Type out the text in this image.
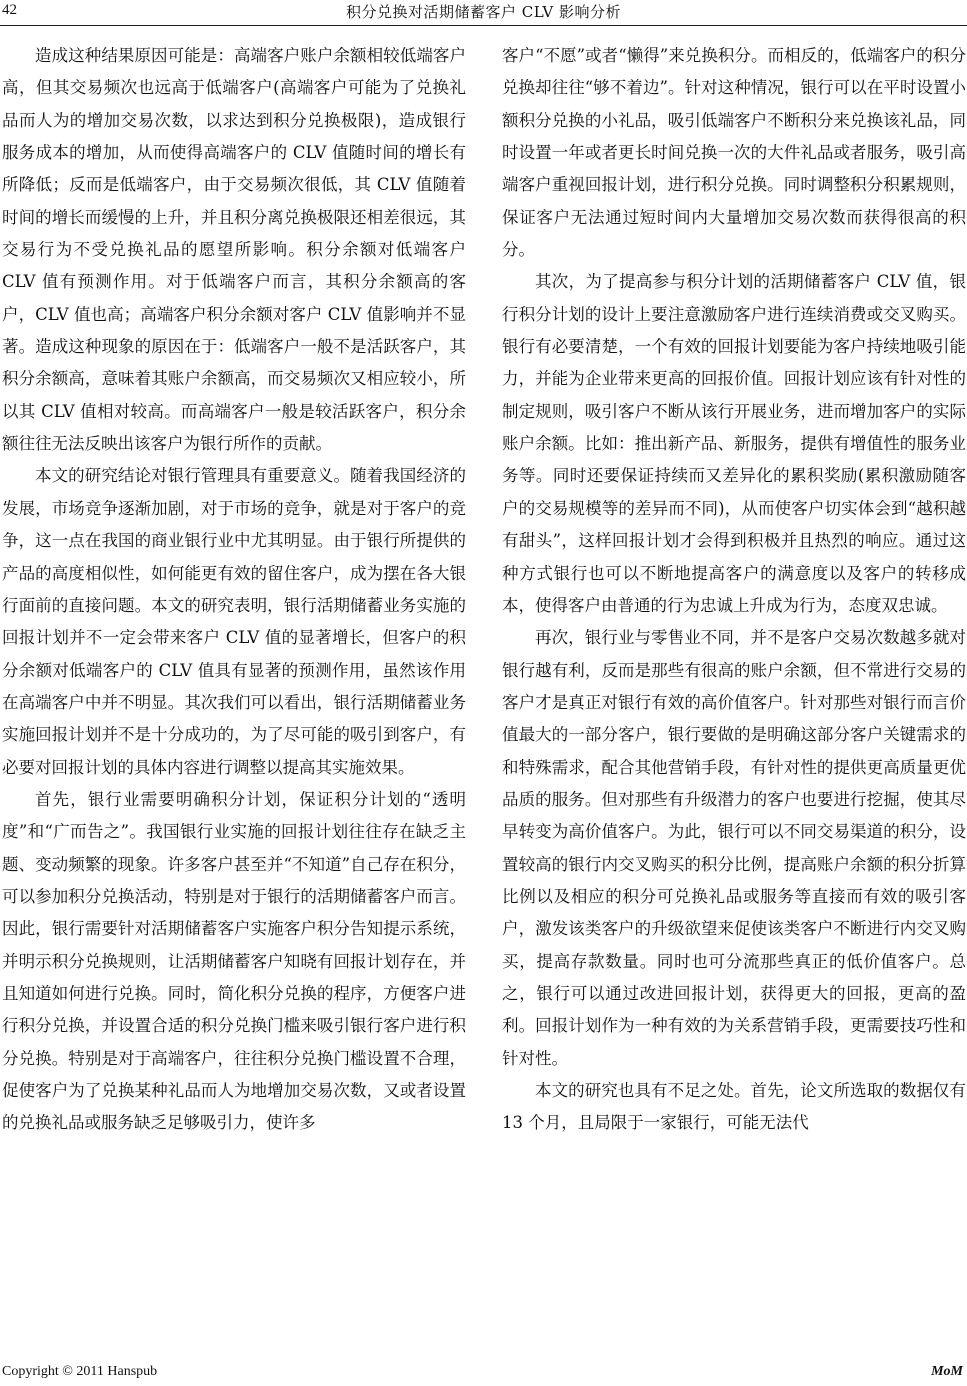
42	积分兑换对活期储蓄客户 CLV 影响分析

造成这种结果原因可能是：高端客户账户余额相较低端客户高，但其交易频次也远高于低端客户(高端客户可能为了兑换礼品而人为的增加交易次数，以求达到积分兑换极限)，造成银行服务成本的增加，从而使得高端客户的 CLV 值随时间的增长有所降低；反而是低端客户，由于交易频次很低，其 CLV 值随着时间的增长而缓慢的上升，并且积分离兑换极限还相差很远，其交易行为不受兑换礼品的愿望所影响。积分余额对低端客户 CLV 值有预测作用。对于低端客户而言，其积分余额高的客户，CLV 值也高；高端客户积分余额对客户 CLV 值影响并不显著。造成这种现象的原因在于：低端客户一般不是活跃客户，其积分余额高，意味着其账户余额高，而交易频次又相应较小，所以其 CLV 值相对较高。而高端客户一般是较活跃客户，积分余额往往无法反映出该客户为银行所作的贡献。

本文的研究结论对银行管理具有重要意义。随着我国经济的发展，市场竞争逐渐加剧，对于市场的竞争，就是对于客户的竞争，这一点在我国的商业银行业中尤其明显。由于银行所提供的产品的高度相似性，如何能更有效的留住客户，成为摆在各大银行面前的直接问题。本文的研究表明，银行活期储蓄业务实施的回报计划并不一定会带来客户 CLV 值的显著增长，但客户的积分余额对低端客户的 CLV 值具有显著的预测作用，虽然该作用在高端客户中并不明显。其次我们可以看出，银行活期储蓄业务实施回报计划并不是十分成功的，为了尽可能的吸引到客户，有必要对回报计划的具体内容进行调整以提高其实施效果。

首先，银行业需要明确积分计划，保证积分计划的“透明度”和“广而告之”。我国银行业实施的回报计划往往存在缺乏主题、变动频繁的现象。许多客户甚至并“不知道”自己存在积分，可以参加积分兑换活动，特别是对于银行的活期储蓄客户而言。因此，银行需要针对活期储蓄客户实施客户积分告知提示系统，并明示积分兑换规则，让活期储蓄客户知晓有回报计划存在，并且知道如何进行兑换。同时，简化积分兑换的程序，方便客户进行积分兑换，并设置合适的积分兑换门槛来吸引银行客户进行积分兑换。特别是对于高端客户，往往积分兑换门槛设置不合理，促使客户为了兑换某种礼品而人为地增加交易次数，又或者设置的兑换礼品或服务缺乏足够吸引力，使许多

客户“不愿”或者“懒得”来兑换积分。而相反的，低端客户的积分兑换却往往“够不着边”。针对这种情况，银行可以在平时设置小额积分兑换的小礼品，吸引低端客户不断积分来兑换该礼品，同时设置一年或者更长时间兑换一次的大件礼品或者服务，吸引高端客户重视回报计划，进行积分兑换。同时调整积分积累规则，保证客户无法通过短时间内大量增加交易次数而获得很高的积分。

其次，为了提高参与积分计划的活期储蓄客户 CLV 值，银行积分计划的设计上要注意激励客户进行连续消费或交叉购买。银行有必要清楚，一个有效的回报计划要能为客户持续地吸引能力，并能为企业带来更高的回报价值。回报计划应该有针对性的制定规则，吸引客户不断从该行开展业务，进而增加客户的实际账户余额。比如：推出新产品、新服务，提供有增值性的服务业务等。同时还要保证持续而又差异化的累积奖励(累积激励随客户的交易规模等的差异而不同)，从而使客户切实体会到“越积越有甜头”，这样回报计划才会得到积极并且热烈的响应。通过这种方式银行也可以不断地提高客户的满意度以及客户的转移成本，使得客户由普通的行为忠诚上升成为行为，态度双忠诚。

再次，银行业与零售业不同，并不是客户交易次数越多就对银行越有利，反而是那些有很高的账户余额，但不常进行交易的客户才是真正对银行有效的高价值客户。针对那些对银行而言价值最大的一部分客户，银行要做的是明确这部分客户关键需求的和特殊需求，配合其他营销手段，有针对性的提供更高质量更优品质的服务。但对那些有升级潜力的客户也要进行挖掘，使其尽早转变为高价值客户。为此，银行可以不同交易渠道的积分，设置较高的银行内交叉购买的积分比例，提高账户余额的积分折算比例以及相应的积分可兑换礼品或服务等直接而有效的吸引客户，激发该类客户的升级欲望来促使该类客户不断进行内交叉购买，提高存款数量。同时也可分流那些真正的低价值客户。总之，银行可以通过改进回报计划，获得更大的回报，更高的盈利。回报计划作为一种有效的为关系营销手段，更需要技巧性和针对性。

本文的研究也具有不足之处。首先，论文所选取的数据仅有 13 个月，且局限于一家银行，可能无法代

Copyright © 2011 Hanspub	MoM
